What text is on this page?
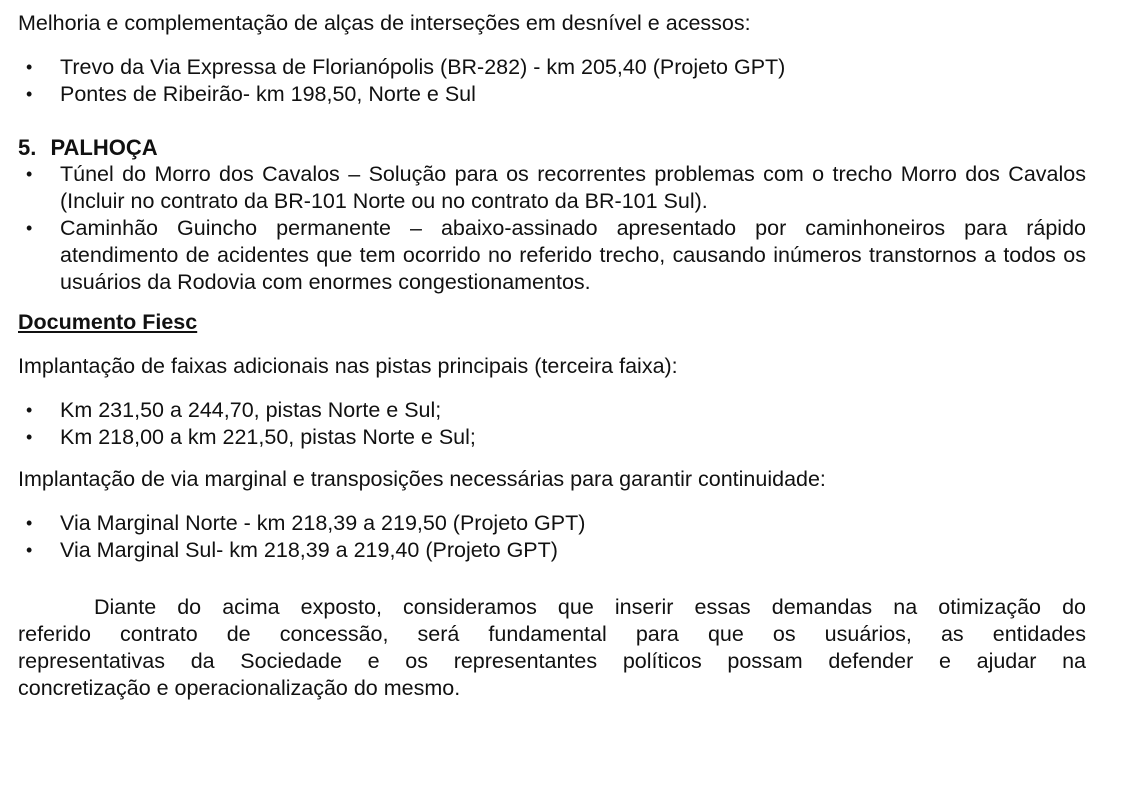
Melhoria e complementação de alças de interseções em desnível e acessos:

• Trevo da Via Expressa de Florianópolis (BR-282) - km 205,40 (Projeto GPT)
• Pontes de Ribeirão- km 198,50, Norte e Sul

5. PALHOÇA

• Túnel do Morro dos Cavalos – Solução para os recorrentes problemas com o trecho Morro dos Cavalos (Incluir no contrato da BR-101 Norte ou no contrato da BR-101 Sul).
• Caminhão Guincho permanente – abaixo-assinado apresentado por caminhoneiros para rápido atendimento de acidentes que tem ocorrido no referido trecho, causando inúmeros transtornos a todos os usuários da Rodovia com enormes congestionamentos.

Documento Fiesc

Implantação de faixas adicionais nas pistas principais (terceira faixa):

• Km 231,50 a 244,70, pistas Norte e Sul;
• Km 218,00 a km 221,50, pistas Norte e Sul;

Implantação de via marginal e transposições necessárias para garantir continuidade:

• Via Marginal Norte - km 218,39 a 219,50 (Projeto GPT)
• Via Marginal Sul- km 218,39 a 219,40 (Projeto GPT)
Diante do acima exposto, consideramos que inserir essas demandas na otimização do
referido contrato de concessão, será fundamental para que os usuários, as entidades
representativas da Sociedade e os representantes políticos possam defender e ajudar na
concretização e operacionalização do mesmo.
